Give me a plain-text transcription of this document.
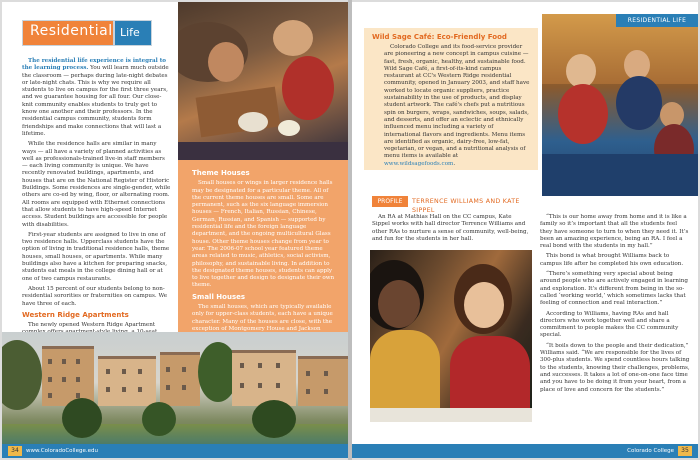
Residential Life

The residential life experience is integral to the learning process. You will learn much outside the classroom — perhaps during late-night debates or late-night chats. This is why we require all students to live on campus for the first three years, and we guarantee housing for all four. Our close-knit community enables students to truly get to know one another and their professors. In the residential campus community, students form friendships and make connections that will last a lifetime.

While the residence halls are similar in many ways — all have a variety of planned activities as well as professionals-trained live-in staff members — each living community is unique. We have recently renovated buildings, apartments, and houses that are on the National Register of Historic Buildings. Some residences are single-gender, while others are co-ed by wing, floor, or alternating room. All rooms are equipped with Ethernet connections that allow students to have high-speed Internet access. Student buildings are accessible for people with disabilities.

First-year students are assigned to live in one of two residence halls. Upperclass students have the option of living in traditional residence halls, theme houses, small houses, or apartments. While many buildings also have a kitchen for preparing snacks, students eat meals in the college dining hall or at one of two campus restaurants.

About 15 percent of our students belong to non-residential sororities or fraternities on campus. We have three of each.

Western Ridge Apartments

The newly opened Western Ridge Apartment

Theme Houses

Small houses or wings in larger residence halls may be designated for a particular theme. All of the current theme houses are small. Some are permanent, such as the six language immersion houses — French, Italian, Russian, Chinese, German, Russian, and Spanish — supported by residential life and the foreign language department, and the ongoing multicultural Glass house. Other theme houses change from year to year. The 2006-07 school year featured theme areas related to music, athletics, social activism, philosophy, and sustainable living. In addition to the designated theme houses, students can apply to live together and design to designate their own theme.

Small Houses

The small houses, which are typically available only for upper-class students, each have a unique character. Many of the houses are close, with the exception of Montgomery House and Jackson

34	www.ColoradoCollege.edu
Wild Sage Café: Eco-Friendly Food

Colorado College and its food-service provider are pioneering a new concept in campus cuisine — fast, fresh, organic, healthy, and sustainable food. Wild Sage Café, a first-of-its-kind campus restaurant at CC's Western Ridge residential community, opened in January 2003, and staff have worked to locate organic suppliers, practice sustainability in the use of products, and display student artwork. The café's chefs put a nutritious spin on burgers, wraps, sandwiches, soups, salads, and desserts, and offer an eclectic and ethnically influenced menu including a variety of international flavors and ingredients. Menu items are identified as organic, dairy-free, low-fat, vegetarian, or vegan, and a nutritional analysis of menu items is available at www.wildsagefoods.com.

RESIDENTIAL LIFE
PROFILE	TERRENCE WILLIAMS AND KATE SIPPEL

An RA at Mathias Hall on the CC campus, Kate Sippel works with hall director Terrence Williams and other RAs to nurture a sense of community, well-being, and fun for the students in her hall.

“This is our home away from home and it is like a family so it’s important that all the students feel they have someone to turn to when they need it. It’s been an amazing experience, being an RA. I feel a real bond with the students in my hall.”

This bond is what brought Williams back to campus life after he completed his own education.

“There’s something very special about being around people who are actively engaged in learning and exploration. It’s different from being in the so-called ‘working world,’ which sometimes lacks that feeling of connection and real interaction.”

According to Williams, having RAs and hall directors who work together well and share a commitment to people makes the CC community special.

“It boils down to the people and their dedication,” Williams said. “We are responsible for the lives of 300-plus students. We spend countless hours talking to the students, knowing their challenges, problems, and successes. It takes a lot of one-on-one face time and you have to be doing it from your heart, from a place of love and concern for the students.”

Colorado College	35
